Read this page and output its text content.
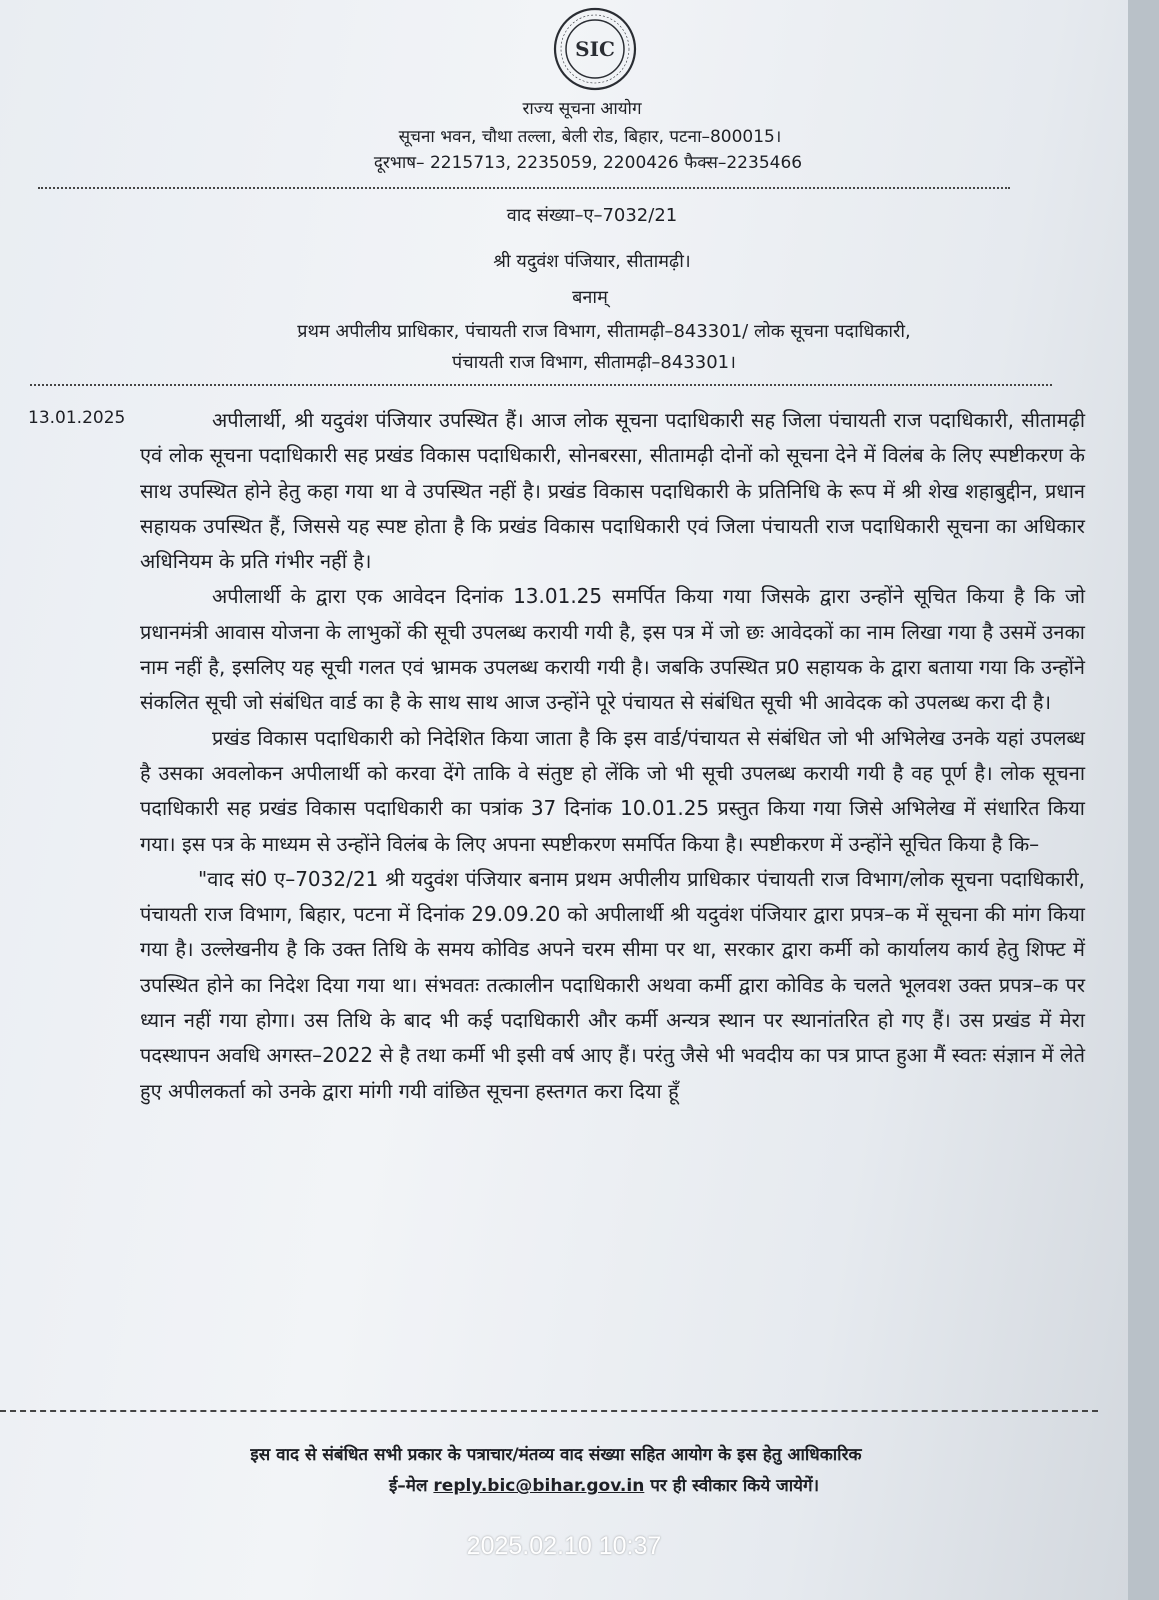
SIC
राज्य सूचना आयोग
सूचना भवन, चौथा तल्ला, बेली रोड, बिहार, पटना–800015।
दूरभाष– 2215713, 2235059, 2200426 फैक्स–2235466
वाद संख्या–ए–7032/21
श्री यदुवंश पंजियार, सीतामढ़ी।
बनाम्
प्रथम अपीलीय प्राधिकार, पंचायती राज विभाग, सीतामढ़ी–843301/ लोक सूचना पदाधिकारी,
पंचायती राज विभाग, सीतामढ़ी–843301।
13.01.2025	अपीलार्थी, श्री यदुवंश पंजियार उपस्थित हैं। आज लोक सूचना पदाधिकारी सह जिला पंचायती राज पदाधिकारी, सीतामढ़ी एवं लोक सूचना पदाधिकारी सह प्रखंड विकास पदाधिकारी, सोनबरसा, सीतामढ़ी दोनों को सूचना देने में विलंब के लिए स्पष्टीकरण के साथ उपस्थित होने हेतु कहा गया था वे उपस्थित नहीं है। प्रखंड विकास पदाधिकारी के प्रतिनिधि के रूप में श्री शेख शहाबुद्दीन, प्रधान सहायक उपस्थित हैं, जिससे यह स्पष्ट होता है कि प्रखंड विकास पदाधिकारी एवं जिला पंचायती राज पदाधिकारी सूचना का अधिकार अधिनियम के प्रति गंभीर नहीं है।

अपीलार्थी के द्वारा एक आवेदन दिनांक 13.01.25 समर्पित किया गया जिसके द्वारा उन्होंने सूचित किया है कि जो प्रधानमंत्री आवास योजना के लाभुकों की सूची उपलब्ध करायी गयी है, इस पत्र में जो छः आवेदकों का नाम लिखा गया है उसमें उनका नाम नहीं है, इसलिए यह सूची गलत एवं भ्रामक उपलब्ध करायी गयी है। जबकि उपस्थित प्र0 सहायक के द्वारा बताया गया कि उन्होंने संकलित सूची जो संबंधित वार्ड का है के साथ साथ आज उन्होंने पूरे पंचायत से संबंधित सूची भी आवेदक को उपलब्ध करा दी है।

प्रखंड विकास पदाधिकारी को निदेशित किया जाता है कि इस वार्ड/पंचायत से संबंधित जो भी अभिलेख उनके यहां उपलब्ध है उसका अवलोकन अपीलार्थी को करवा देंगे ताकि वे संतुष्ट हो लेंकि जो भी सूची उपलब्ध करायी गयी है वह पूर्ण है। लोक सूचना पदाधिकारी सह प्रखंड विकास पदाधिकारी का पत्रांक 37 दिनांक 10.01.25 प्रस्तुत किया गया जिसे अभिलेख में संधारित किया गया। इस पत्र के माध्यम से उन्होंने विलंब के लिए अपना स्पष्टीकरण समर्पित किया है। स्पष्टीकरण में उन्होंने सूचित किया है कि–

"वाद सं0 ए–7032/21 श्री यदुवंश पंजियार बनाम प्रथम अपीलीय प्राधिकार पंचायती राज विभाग/लोक सूचना पदाधिकारी, पंचायती राज विभाग, बिहार, पटना में दिनांक 29.09.20 को अपीलार्थी श्री यदुवंश पंजियार द्वारा प्रपत्र–क में सूचना की मांग किया गया है। उल्लेखनीय है कि उक्त तिथि के समय कोविड अपने चरम सीमा पर था, सरकार द्वारा कर्मी को कार्यालय कार्य हेतु शिफ्ट में उपस्थित होने का निदेश दिया गया था। संभवतः तत्कालीन पदाधिकारी अथवा कर्मी द्वारा कोविड के चलते भूलवश उक्त प्रपत्र–क पर ध्यान नहीं गया होगा। उस तिथि के बाद भी कई पदाधिकारी और कर्मी अन्यत्र स्थान पर स्थानांतरित हो गए हैं। उस प्रखंड में मेरा पदस्थापन अवधि अगस्त–2022 से है तथा कर्मी भी इसी वर्ष आए हैं। परंतु जैसे भी भवदीय का पत्र प्राप्त हुआ मैं स्वतः संज्ञान में लेते हुए अपीलकर्ता को उनके द्वारा मांगी गयी वांछित सूचना हस्तगत करा दिया हूँ

इस वाद से संबंधित सभी प्रकार के पत्राचार/मंतव्य वाद संख्या सहित आयोग के इस हेतु आधिकारिक
ई–मेल reply.bic@bihar.gov.in पर ही स्वीकार किये जायेगें।
2025.02.10 10:37
